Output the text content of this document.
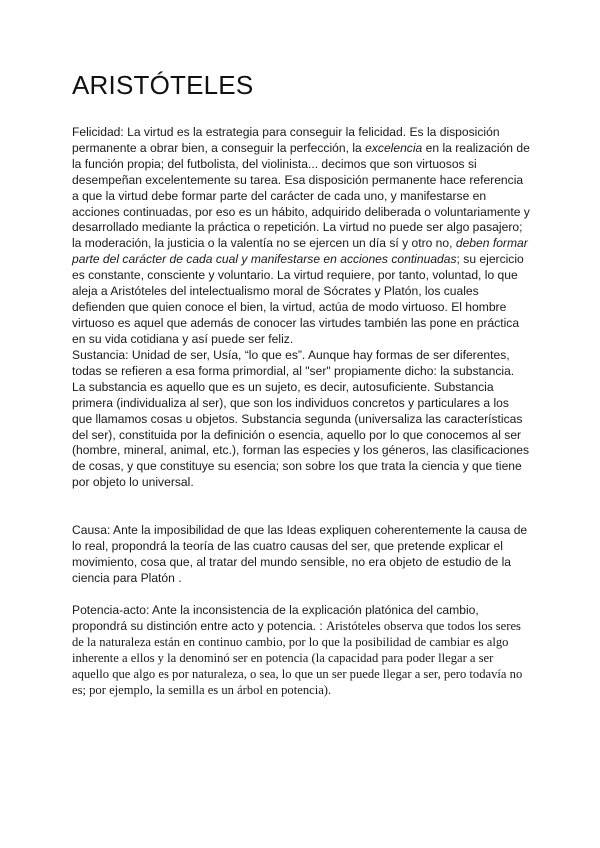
ARISTÓTELES

Felicidad: La virtud es la estrategia para conseguir la felicidad. Es la disposición permanente a obrar bien, a conseguir la perfección, la excelencia en la realización de la función propia; del futbolista, del violinista... decimos que son virtuosos si desempeñan excelentemente su tarea. Esa disposición permanente hace referencia a que la virtud debe formar parte del carácter de cada uno, y manifestarse en acciones continuadas, por eso es un hábito, adquirido deliberada o voluntariamente y desarrollado mediante la práctica o repetición. La virtud no puede ser algo pasajero; la moderación, la justicia o la valentía no se ejercen un día sí y otro no, deben formar parte del carácter de cada cual y manifestarse en acciones continuadas; su ejercicio es constante, consciente y voluntario. La virtud requiere, por tanto, voluntad, lo que aleja a Aristóteles del intelectualismo moral de Sócrates y Platón, los cuales defienden que quien conoce el bien, la virtud, actúa de modo virtuoso. El hombre virtuoso es aquel que además de conocer las virtudes también las pone en práctica en su vida cotidiana y así puede ser feliz.

Sustancia: Unidad de ser, Usía, “lo que es”. Aunque hay formas de ser diferentes, todas se refieren a esa forma primordial, al "ser" propiamente dicho: la substancia. La substancia es aquello que es un sujeto, es decir, autosuficiente. Substancia primera (individualiza al ser), que son los individuos concretos y particulares a los que llamamos cosas u objetos. Substancia segunda (universaliza las características del ser), constituida por la definición o esencia, aquello por lo que conocemos al ser (hombre, mineral, animal, etc.), forman las especies y los géneros, las clasificaciones de cosas, y que constituye su esencia; son sobre los que trata la ciencia y que tiene por objeto lo universal.

Causa: Ante la imposibilidad de que las Ideas expliquen coherentemente la causa de lo real, propondrá la teoría de las cuatro causas del ser, que pretende explicar el movimiento, cosa que, al tratar del mundo sensible, no era objeto de estudio de la ciencia para Platón .

Potencia-acto: Ante la inconsistencia de la explicación platónica del cambio, propondrá su distinción entre acto y potencia. : Aristóteles observa que todos los seres de la naturaleza están en continuo cambio, por lo que la posibilidad de cambiar es algo inherente a ellos y la denominó ser en potencia (la capacidad para poder llegar a ser aquello que algo es por naturaleza, o sea, lo que un ser puede llegar a ser, pero todavía no es; por ejemplo, la semilla es un árbol en potencia).
